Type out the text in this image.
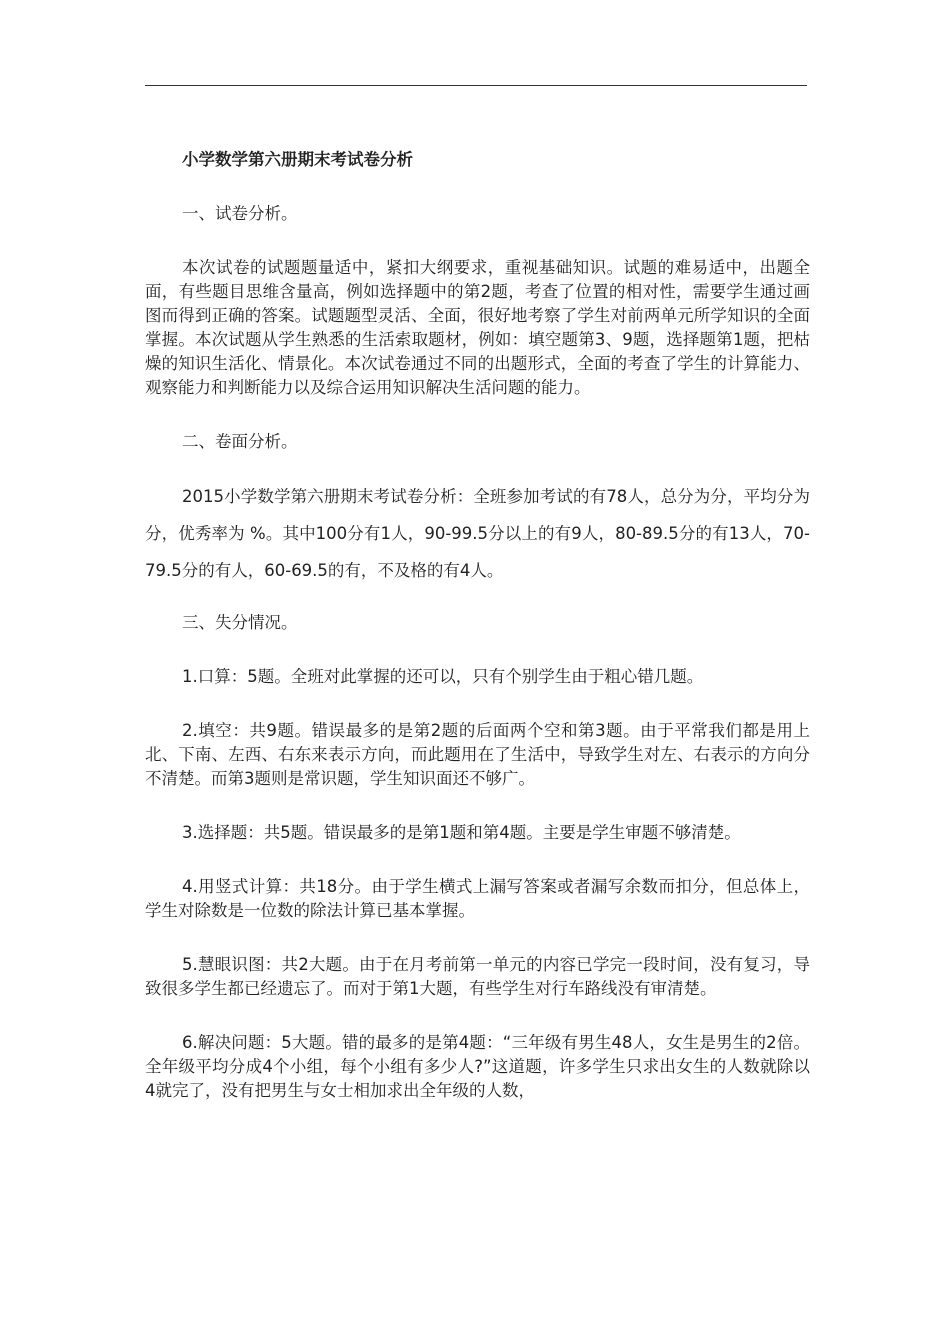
小学数学第六册期末考试卷分析
一、试卷分析。

本次试卷的试题题量适中，紧扣大纲要求，重视基础知识。试题的难易适中，出题全面，有些题目思维含量高，例如选择题中的第2题，考查了位置的相对性，需要学生通过画图而得到正确的答案。试题题型灵活、全面，很好地考察了学生对前两单元所学知识的全面掌握。本次试题从学生熟悉的生活索取题材，例如：填空题第3、9题，选择题第1题，把枯燥的知识生活化、情景化。本次试卷通过不同的出题形式，全面的考查了学生的计算能力、观察能力和判断能力以及综合运用知识解决生活问题的能力。

二、卷面分析。

2015小学数学第六册期末考试卷分析：全班参加考试的有78人，总分为分，平均分为 分，优秀率为 %。其中100分有1人，90-99.5分以上的有9人，80-89.5分的有13人，70-79.5分的有人，60-69.5的有，不及格的有4人。

三、失分情况。

1.口算：5题。全班对此掌握的还可以，只有个别学生由于粗心错几题。

2.填空：共9题。错误最多的是第2题的后面两个空和第3题。由于平常我们都是用上北、下南、左西、右东来表示方向，而此题用在了生活中，导致学生对左、右表示的方向分不清楚。而第3题则是常识题，学生知识面还不够广。

3.选择题：共5题。错误最多的是第1题和第4题。主要是学生审题不够清楚。

4.用竖式计算：共18分。由于学生横式上漏写答案或者漏写余数而扣分，但总体上，学生对除数是一位数的除法计算已基本掌握。

5.慧眼识图：共2大题。由于在月考前第一单元的内容已学完一段时间，没有复习，导致很多学生都已经遗忘了。而对于第1大题，有些学生对行车路线没有审清楚。

6.解决问题：5大题。错的最多的是第4题：“三年级有男生48人，女生是男生的2倍。全年级平均分成4个小组，每个小组有多少人?”这道题，许多学生只求出女生的人数就除以4就完了，没有把男生与女士相加求出全年级的人数，
